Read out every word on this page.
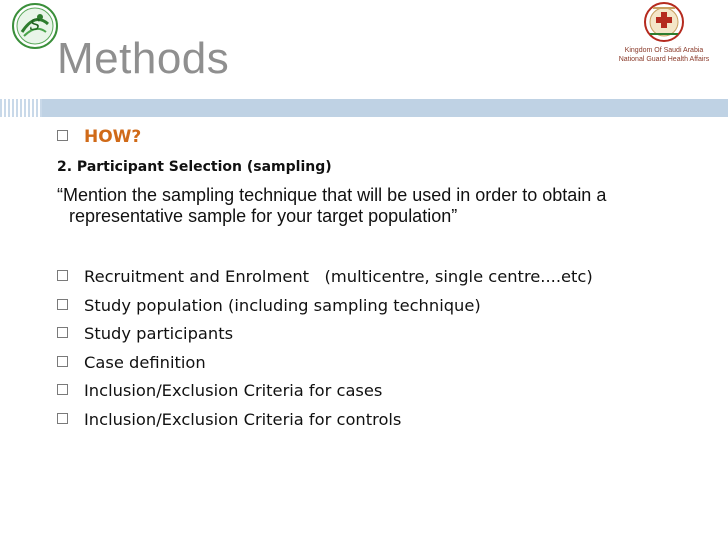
S
Kingdom Of Saudi Arabia
National Guard Health Affairs
Methods
HOW?
2. Participant Selection (sampling)
“Mention the sampling technique that will be used in order to obtain a representative sample for your target population”
Recruitment and Enrolment   (multicentre, single centre....etc)
Study population (including sampling technique)
Study participants
Case definition
Inclusion/Exclusion Criteria for cases
Inclusion/Exclusion Criteria for controls
